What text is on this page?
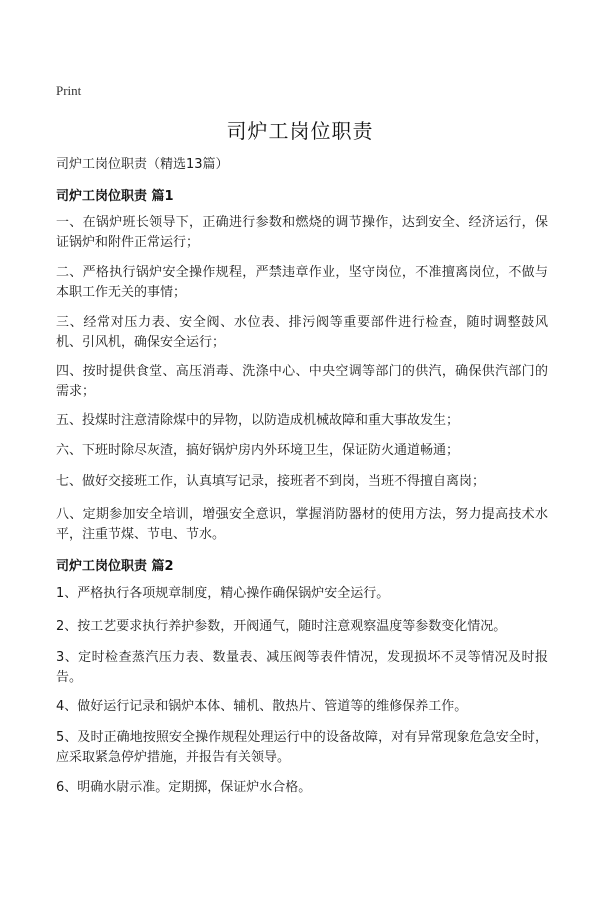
Print
司炉工岗位职责
司炉工岗位职责（精选13篇）
司炉工岗位职责 篇1
一、在锅炉班长领导下，正确进行参数和燃烧的调节操作，达到安全、经济运行，保证锅炉和附件正常运行；
二、严格执行锅炉安全操作规程，严禁违章作业，坚守岗位，不准擅离岗位，不做与本职工作无关的事情；
三、经常对压力表、安全阀、水位表、排污阀等重要部件进行检查，随时调整鼓风机、引风机，确保安全运行；
四、按时提供食堂、高压消毒、洗涤中心、中央空调等部门的供汽，确保供汽部门的需求；
五、投煤时注意清除煤中的异物，以防造成机械故障和重大事故发生；
六、下班时除尽灰渣，搞好锅炉房内外环境卫生，保证防火通道畅通；
七、做好交接班工作，认真填写记录，接班者不到岗，当班不得擅自离岗；
八、定期参加安全培训，增强安全意识，掌握消防器材的使用方法，努力提高技术水平，注重节煤、节电、节水。
司炉工岗位职责 篇2
1、严格执行各项规章制度，精心操作确保锅炉安全运行。
2、按工艺要求执行养护参数，开阀通气，随时注意观察温度等参数变化情况。
3、定时检查蒸汽压力表、数量表、减压阀等表件情况，发现损坏不灵等情况及时报告。
4、做好运行记录和锅炉本体、辅机、散热片、管道等的维修保养工作。
5、及时正确地按照安全操作规程处理运行中的设备故障，对有异常现象危急安全时，应采取紧急停炉措施，并报告有关领导。
6、明确水尉示准。定期掷，保证炉水合格。
